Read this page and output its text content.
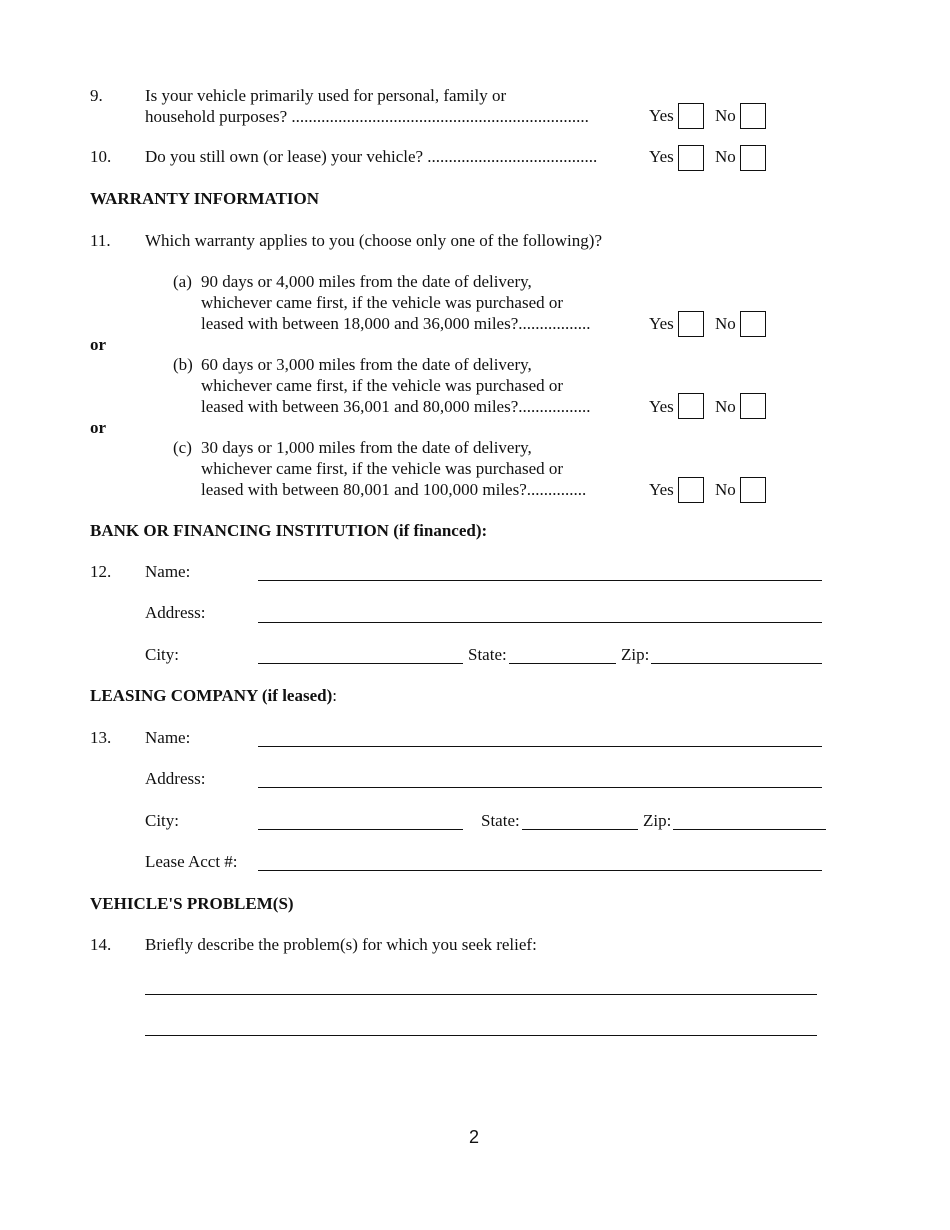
9. Is your vehicle primarily used for personal, family or
household purposes? ......................................................................	Yes No
10. Do you still own (or lease) your vehicle? ........................................	Yes No
WARRANTY INFORMATION
11. Which warranty applies to you (choose only one of the following)?
(a) 90 days or 4,000 miles from the date of delivery,
whichever came first, if the vehicle was purchased or
leased with between 18,000 and 36,000 miles?.................	Yes No
or
(b) 60 days or 3,000 miles from the date of delivery,
whichever came first, if the vehicle was purchased or
leased with between 36,001 and 80,000 miles?.................	Yes No
or
(c) 30 days or 1,000 miles from the date of delivery,
whichever came first, if the vehicle was purchased or
leased with between 80,001 and 100,000 miles?..............	Yes No
BANK OR FINANCING INSTITUTION (if financed):
12. Name:
Address:
City:	State:	Zip:
LEASING COMPANY (if leased):
13. Name:
Address:
City:	State:	Zip:
Lease Acct #:
VEHICLE'S PROBLEM(S)
14. Briefly describe the problem(s) for which you seek relief:
2
